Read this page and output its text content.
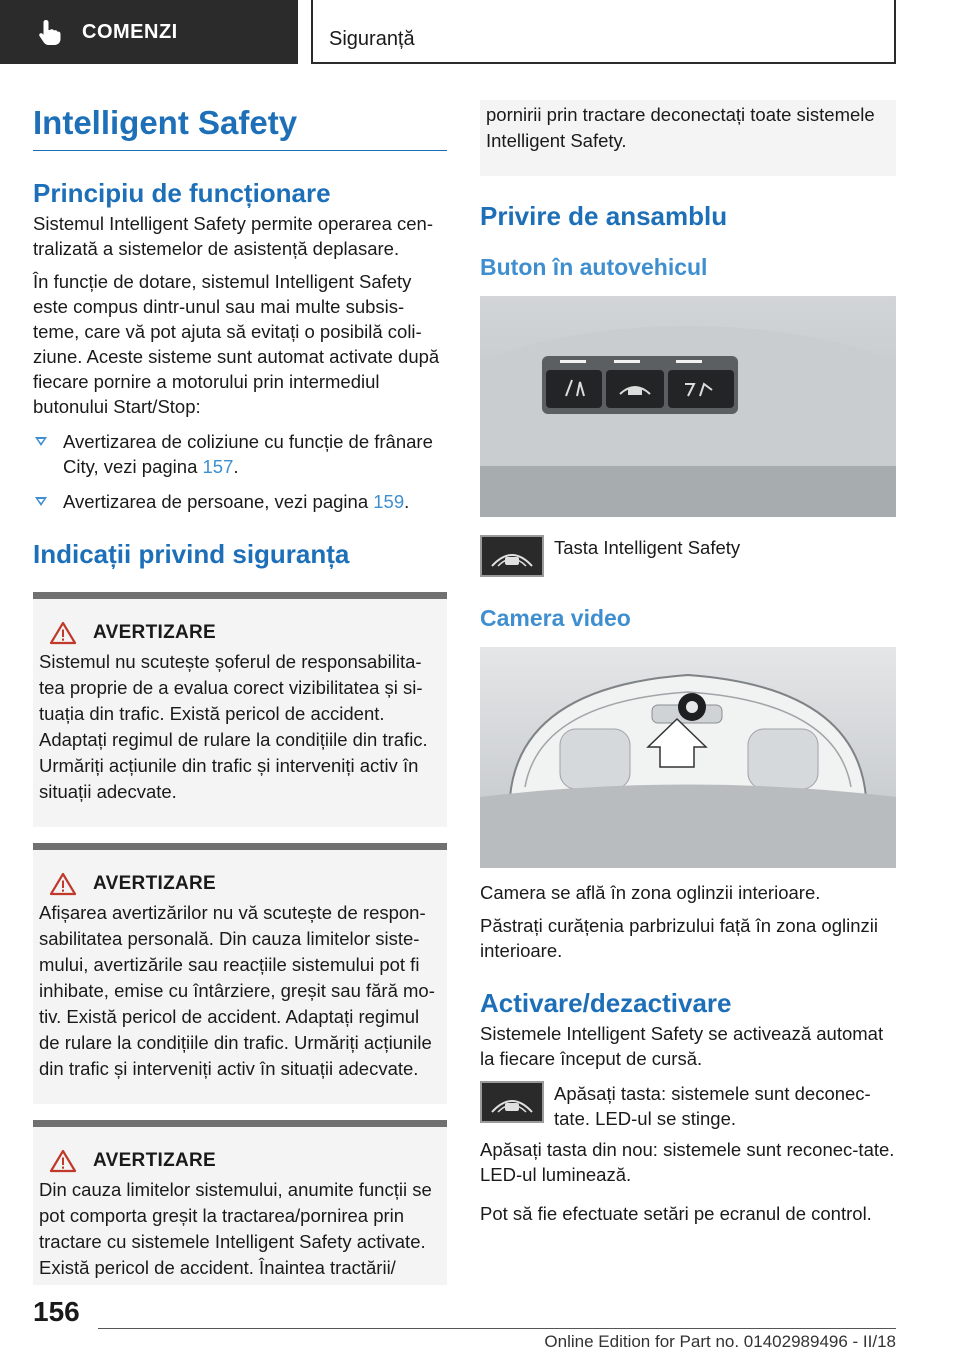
COMENZI	Siguranță
Intelligent Safety
Principiu de funcționare

Sistemul Intelligent Safety permite operarea cen-tralizată a sistemelor de asistență deplasare.

În funcție de dotare, sistemul Intelligent Safety este compus dintr-unul sau mai multe subsis-teme, care vă pot ajuta să evitați o posibilă coli-ziune. Aceste sisteme sunt automat activate după fiecare pornire a motorului prin intermediul butonului Start/Stop:

Avertizarea de coliziune cu funcție de frânare City, vezi pagina 157.
Avertizarea de persoane, vezi pagina 159.
Indicații privind siguranța
AVERTIZARE

Sistemul nu scutește șoferul de responsabilita-tea proprie de a evalua corect vizibilitatea și si-tuația din trafic. Există pericol de accident. Adaptați regimul de rulare la condițiile din trafic. Urmăriți acțiunile din trafic și interveniți activ în situații adecvate.

AVERTIZARE

Afișarea avertizărilor nu vă scutește de respon-sabilitatea personală. Din cauza limitelor siste-mului, avertizările sau reacțiile sistemului pot fi inhibate, emise cu întârziere, greșit sau fără mo-tiv. Există pericol de accident. Adaptați regimul de rulare la condițiile din trafic. Urmăriți acțiunile din trafic și interveniți activ în situații adecvate.

AVERTIZARE

Din cauza limitelor sistemului, anumite funcții se pot comporta greșit la tractarea/pornirea prin tractare cu sistemele Intelligent Safety activate. Există pericol de accident. Înaintea tractării/

pornirii prin tractare deconectați toate sistemele Intelligent Safety.

Privire de ansamblu
Buton în autovehicul
Tasta Intelligent Safety
Camera video

Camera se află în zona oglinzii interioare.

Păstrați curățenia parbrizului față în zona oglinzii interioare.

Activare/dezactivare

Sistemele Intelligent Safety se activează automat la fiecare început de cursă.

Apăsați tasta: sistemele sunt deconec-tate. LED-ul se stinge.

Apăsați tasta din nou: sistemele sunt reconec-tate. LED-ul luminează.

Pot să fie efectuate setări pe ecranul de control.

156
Online Edition for Part no. 01402989496 - II/18
